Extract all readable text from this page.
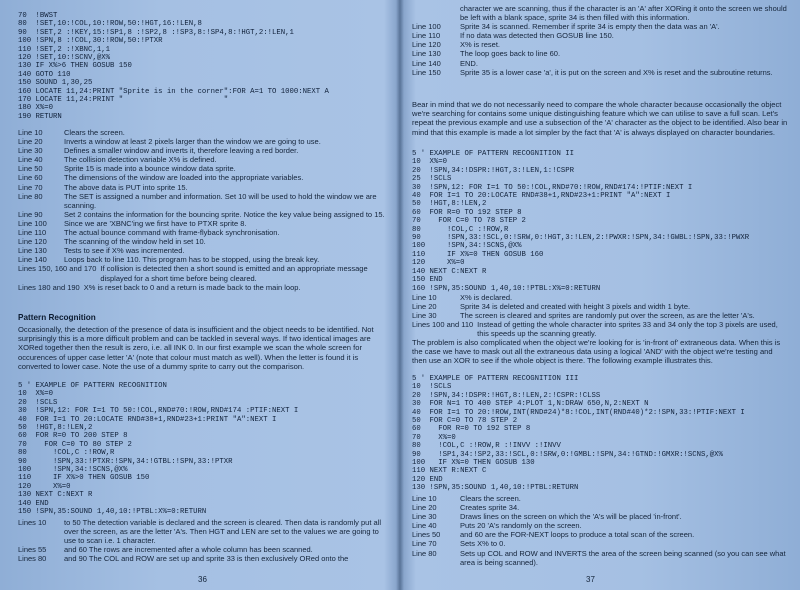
70  !BWST
80  !SET,10:!COL,10:!ROW,50:!HGT,16:!LEN,8
90  !SET,2 :!KEY,15:!SP1,8 :!SP2,8 :!SP3,8:!SP4,8:!HGT,2:!LEN,1
100 !SPN,8 :!COL,30:!ROW,50:!PTXR
110 !SET,2 :!XBNC,1,1
120 !SET,10:!SCNV,@X%
130 IF X%>6 THEN GOSUB 150
140 GOTO 110
150 SOUND 1,30,25
160 LOCATE 11,24:PRINT "Sprite is in the corner":FOR A=1 TO 1000:NEXT A
170 LOCATE 11,24:PRINT "                       "
180 X%=0
190 RETURN
Line 10	Clears the screen.
Line 20	Inverts a window at least 2 pixels larger than the window we are going to use.
Line 30	Defines a smaller window and inverts it, therefore leaving a red border.
Line 40	The collision detection variable X% is defined.
Line 50	Sprite 15 is made into a bounce window data sprite.
Line 60	The dimensions of the window are loaded into the appropriate variables.
Line 70	The above data is PUT into sprite 15.
Line 80	The SET is assigned a number and information. Set 10 will be used to hold the window we are scanning.
Line 90	Set 2 contains the information for the bouncing sprite. Notice the key value being assigned to 15.
Line 100	Since we are 'XBNC'ing we first have to PTXR sprite 8.
Line 110	The actual bounce command with frame-flyback synchronisation.
Line 120	The scanning of the window held in set 10.
Line 130	Tests to see if X% was incremented.
Line 140	Loops back to line 110. This program has to be stopped, using the break key.
Lines 150, 160 and 170 If collision is detected then a short sound is emitted and an appropriate message displayed for a short time before being cleared.
Lines 180 and 190 X% is reset back to 0 and a return is made back to the main loop.
Pattern Recognition

Occasionally, the detection of the presence of data is insufficient and the object needs to be identified. Not surprisingly this is a more difficult problem and can be tackled in several ways. If two identical images are XORed together then the result is zero, i.e. all INK 0. In our first example we scan the whole screen for occurences of upper case letter 'A' (note that colour must match as well). When the letter is found it is converted to lower case. Note the use of a dummy sprite to carry out the comparison.

5 ' EXAMPLE OF PATTERN RECOGNITION
10  X%=0
20  !SCLS
30  !SPN,12: FOR I=1 TO 50:!COL,RND#70:!ROW,RND#174 :PTIF:NEXT I
40  FOR I=1 TO 20:LOCATE RND#38+1,RND#23+1:PRINT "A":NEXT I
50  !HGT,8:!LEN,2
60  FOR R=0 TO 200 STEP 8
70    FOR C=0 TO 80 STEP 2
80      !COL,C :!ROW,R
90      !SPN,33:!PTXR:!SPN,34:!GTBL:!SPN,33:!PTXR
100     !SPN,34:!SCNS,@X%
110     IF X%>0 THEN GOSUB 150
120     X%=0
130 NEXT C:NEXT R
140 END
150 !SPN,35:SOUND 1,40,10:!PTBL:X%=0:RETURN
Lines 10	to 50 The detection variable is declared and the screen is cleared. Then data is randomly put all over the screen, as are the letter 'A's. Then HGT and LEN are set to the values we are going to use to scan i.e. 1 character.
Lines 55	and 60 The rows are incremented after a whole column has been scanned.
Lines 80	and 90 The COL and ROW are set up and sprite 33 is then exclusively ORed onto the
36
character we are scanning, thus if the character is an 'A' after XORing it onto the screen we should be left with a blank space, sprite 34 is then filled with this information.
Line 100	Sprite 34 is scanned. Remember if sprite 34 is empty then the data was an 'A'.
Line 110	If no data was detected then GOSUB line 150.
Line 120	X% is reset.
Line 130	The loop goes back to line 60.
Line 140	END.
Line 150	Sprite 35 is a lower case 'a', it is put on the screen and X% is reset and the subroutine returns.

Bear in mind that we do not necessarily need to compare the whole character because occasionally the object we're searching for contains some unique distinguishing feature which we can utilise to save a full scan. Let's repeat the previous example and use a subsection of the 'A' character as the object to be identified. Also bear in mind that this example is made a lot simpler by the fact that 'A' is always displayed on character boundaries.

5 ' EXAMPLE OF PATTERN RECOGNITION II
10  X%=0
20  !SPN,34:!DSPR:!HGT,3:!LEN,1:!CSPR
25  !SCLS
30  !SPN,12: FOR I=1 TO 50:!COL,RND#70:!ROW,RND#174:!PTIF:NEXT I
40  FOR I=1 TO 20:LOCATE RND#38+1,RND#23+1:PRINT "A":NEXT I
50  !HGT,8:!LEN,2
60  FOR R=0 TO 192 STEP 8
70    FOR C=0 TO 78 STEP 2
80      !COL,C :!ROW,R
90      !SPN,33:!SCL,0:!SRW,0:!HGT,3:!LEN,2:!PWXR:!SPN,34:!GWBL:!SPN,33:!PWXR
100     !SPN,34:!SCNS,@X%
110     IF X%=0 THEN GOSUB 160
120     X%=0
140 NEXT C:NEXT R
150 END
160 !SPN,35:SOUND 1,40,10:!PTBL:X%=0:RETURN
Line 10	X% is declared.
Line 20	Sprite 34 is deleted and created with height 3 pixels and width 1 byte.
Line 30	The screen is cleared and sprites are randomly put over the screen, as are the letter 'A's.
Lines 100 and 110 Instead of getting the whole character into sprites 33 and 34 only the top 3 pixels are used, this speeds up the scanning greatly.

The problem is also complicated when the object we're looking for is 'in-front of' extraneous data. When this is the case we have to mask out all the extraneous data using a logical 'AND' with the object we're testing and then use an XOR to see if the whole object is there. The following example illustrates this.

5 ' EXAMPLE OF PATTERN RECOGNITION III
10  !SCLS
20  !SPN,34:!DSPR:!HGT,8:!LEN,2:!CSPR:!CLSS
30  FOR N=1 TO 400 STEP 4:PLOT 1,N:DRAW 650,N,2:NEXT N
40  FOR I=1 TO 20:!ROW,INT(RND#24)*8:!COL,INT(RND#40)*2:!SPN,33:!PTIF:NEXT I
50  FOR C=0 TO 78 STEP 2
60    FOR R=0 TO 192 STEP 8
70    X%=0
80    !COL,C :!ROW,R :!INVV :!INVV
90    !SP1,34:!SP2,33:!SCL,0:!SRW,0:!GMBL:!SPN,34:!GTND:!GMXR:!SCNS,@X%
100   IF X%=0 THEN GOSUB 130
110 NEXT R:NEXT C
120 END
130 !SPN,35:SOUND 1,40,10:!PTBL:RETURN
Line 10	Clears the screen.
Line 20	Creates sprite 34.
Line 30	Draws lines on the screen on which the 'A's will be placed 'in-front'.
Line 40	Puts 20 'A's randomly on the screen.
Lines 50	and 60 are the FOR-NEXT loops to produce a total scan of the screen.
Line 70	Sets X% to 0.
Line 80	Sets up COL and ROW and INVERTS the area of the screen being scanned (so you can see what area is being scanned).
37
